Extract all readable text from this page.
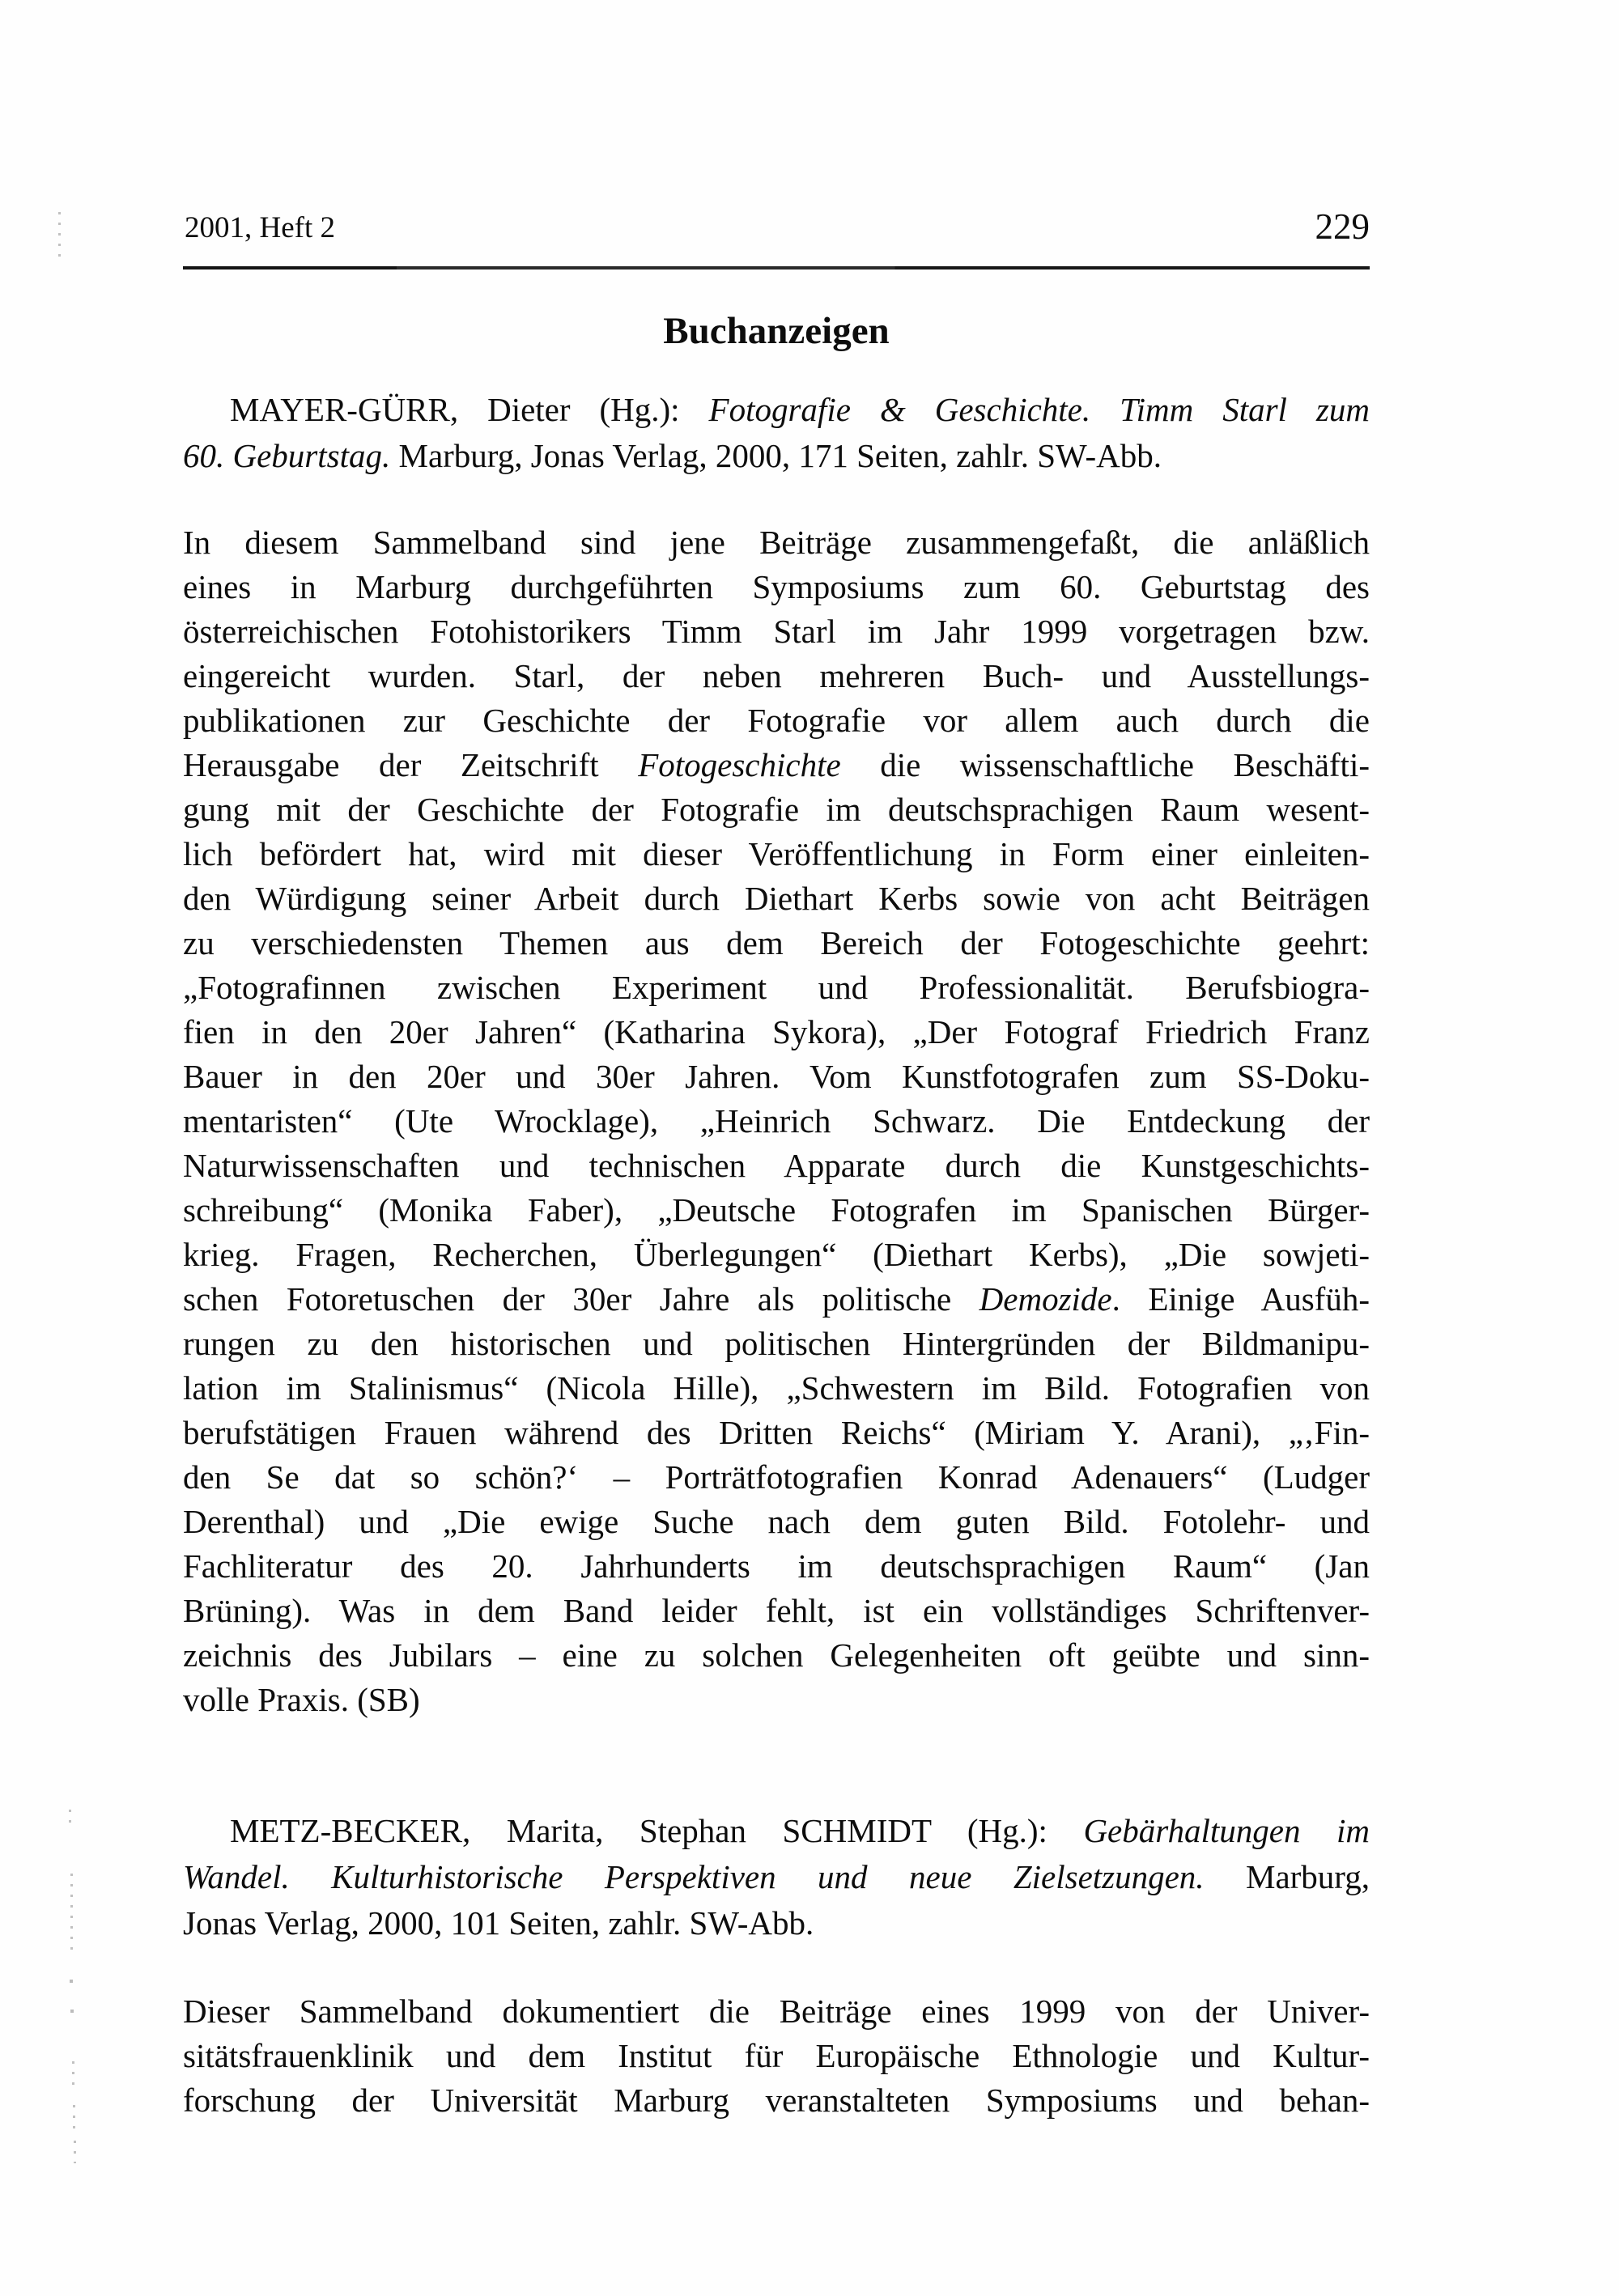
2001, Heft 2	229
Buchanzeigen
MAYER-GÜRR, Dieter (Hg.): Fotografie & Geschichte. Timm Starl zum
60. Geburtstag. Marburg, Jonas Verlag, 2000, 171 Seiten, zahlr. SW-Abb.
In diesem Sammelband sind jene Beiträge zusammengefaßt, die anläßlich
eines in Marburg durchgeführten Symposiums zum 60. Geburtstag des
österreichischen Fotohistorikers Timm Starl im Jahr 1999 vorgetragen bzw.
eingereicht wurden. Starl, der neben mehreren Buch- und Ausstellungs-
publikationen zur Geschichte der Fotografie vor allem auch durch die
Herausgabe der Zeitschrift Fotogeschichte die wissenschaftliche Beschäfti-
gung mit der Geschichte der Fotografie im deutschsprachigen Raum wesent-
lich befördert hat, wird mit dieser Veröffentlichung in Form einer einleiten-
den Würdigung seiner Arbeit durch Diethart Kerbs sowie von acht Beiträgen
zu verschiedensten Themen aus dem Bereich der Fotogeschichte geehrt:
„Fotografinnen zwischen Experiment und Professionalität. Berufsbiogra-
fien in den 20er Jahren“ (Katharina Sykora), „Der Fotograf Friedrich Franz
Bauer in den 20er und 30er Jahren. Vom Kunstfotografen zum SS-Doku-
mentaristen“ (Ute Wrocklage), „Heinrich Schwarz. Die Entdeckung der
Naturwissenschaften und technischen Apparate durch die Kunstgeschichts-
schreibung“ (Monika Faber), „Deutsche Fotografen im Spanischen Bürger-
krieg. Fragen, Recherchen, Überlegungen“ (Diethart Kerbs), „Die sowjeti-
schen Fotoretuschen der 30er Jahre als politische Demozide. Einige Ausfüh-
rungen zu den historischen und politischen Hintergründen der Bildmanipu-
lation im Stalinismus“ (Nicola Hille), „Schwestern im Bild. Fotografien von
berufstätigen Frauen während des Dritten Reichs“ (Miriam Y. Arani), „‚Fin-
den Se dat so schön?‘ – Porträtfotografien Konrad Adenauers“ (Ludger
Derenthal) und „Die ewige Suche nach dem guten Bild. Fotolehr- und
Fachliteratur des 20. Jahrhunderts im deutschsprachigen Raum“ (Jan
Brüning). Was in dem Band leider fehlt, ist ein vollständiges Schriftenver-
zeichnis des Jubilars – eine zu solchen Gelegenheiten oft geübte und sinn-
volle Praxis. (SB)
METZ-BECKER, Marita, Stephan SCHMIDT (Hg.): Gebärhaltungen im
Wandel. Kulturhistorische Perspektiven und neue Zielsetzungen. Marburg,
Jonas Verlag, 2000, 101 Seiten, zahlr. SW-Abb.
Dieser Sammelband dokumentiert die Beiträge eines 1999 von der Univer-
sitätsfrauenklinik und dem Institut für Europäische Ethnologie und Kultur-
forschung der Universität Marburg veranstalteten Symposiums und behan-
